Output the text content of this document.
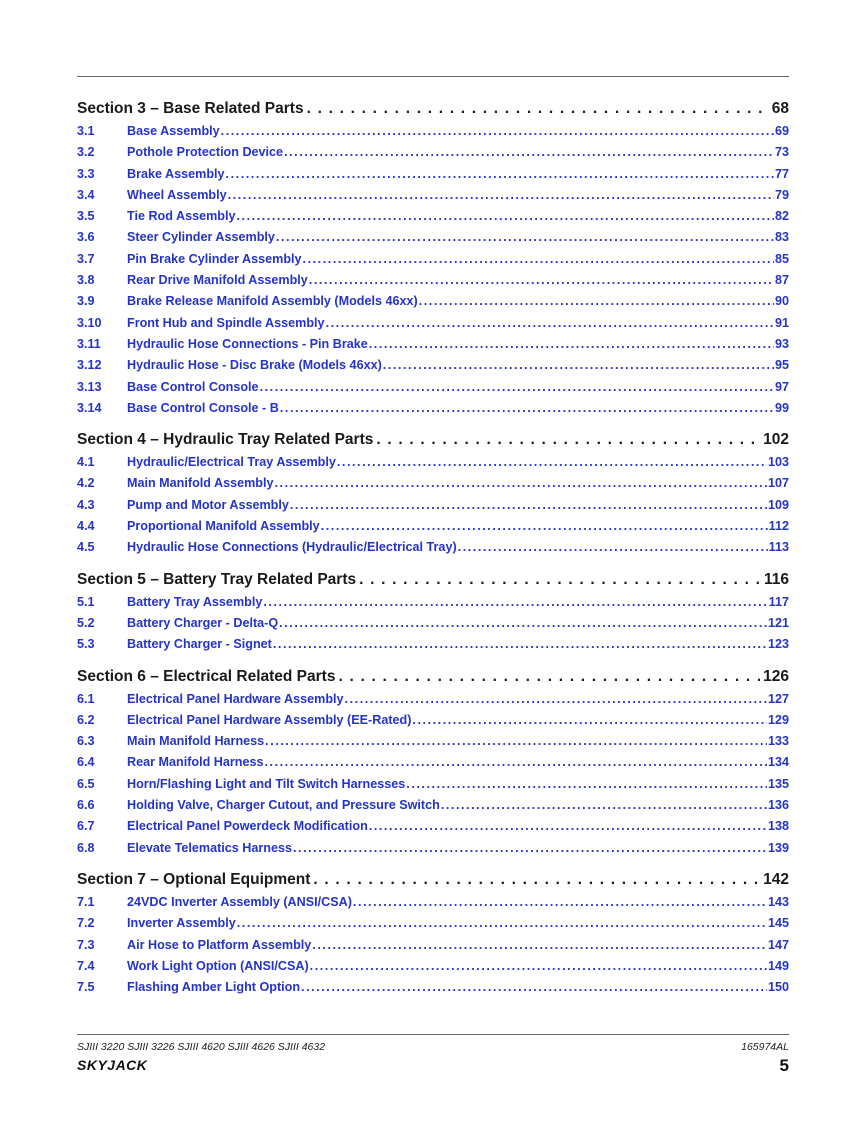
Section 3 – Base Related Parts . . .	68
3.1	Base Assembly .....	69
3.2	Pothole Protection Device .....	73
3.3	Brake Assembly .....	77
3.4	Wheel Assembly .....	79
3.5	Tie Rod Assembly .....	82
3.6	Steer Cylinder Assembly .....	83
3.7	Pin Brake Cylinder Assembly .....	85
3.8	Rear Drive Manifold Assembly .....	87
3.9	Brake Release Manifold Assembly (Models 46xx) .....	90
3.10	Front Hub and Spindle Assembly .....	91
3.11	Hydraulic Hose Connections - Pin Brake .....	93
3.12	Hydraulic Hose - Disc Brake (Models 46xx) .....	95
3.13	Base Control Console .....	97
3.14	Base Control Console - B .....	99
Section 4 – Hydraulic Tray Related Parts . . .	102
4.1	Hydraulic/Electrical Tray Assembly .....	103
4.2	Main Manifold Assembly .....	107
4.3	Pump and Motor Assembly .....	109
4.4	Proportional Manifold Assembly .....	112
4.5	Hydraulic Hose Connections (Hydraulic/Electrical Tray) .....	113
Section 5 – Battery Tray Related Parts . . .	116
5.1	Battery Tray Assembly .....	117
5.2	Battery Charger - Delta-Q .....	121
5.3	Battery Charger - Signet .....	123
Section 6 – Electrical Related Parts . . .	126
6.1	Electrical Panel Hardware Assembly .....	127
6.2	Electrical Panel Hardware Assembly (EE-Rated) .....	129
6.3	Main Manifold Harness .....	133
6.4	Rear Manifold Harness .....	134
6.5	Horn/Flashing Light and Tilt Switch Harnesses .....	135
6.6	Holding Valve, Charger Cutout, and Pressure Switch .....	136
6.7	Electrical Panel Powerdeck Modification .....	138
6.8	Elevate Telematics Harness .....	139
Section 7 – Optional Equipment . . .	142
7.1	24VDC Inverter Assembly (ANSI/CSA) .....	143
7.2	Inverter Assembly .....	145
7.3	Air Hose to Platform Assembly .....	147
7.4	Work Light Option (ANSI/CSA) .....	149
7.5	Flashing Amber Light Option .....	150
SJIII 3220 SJIII 3226 SJIII 4620 SJIII 4626 SJIII 4632	165974AL
SKYJACK	5
